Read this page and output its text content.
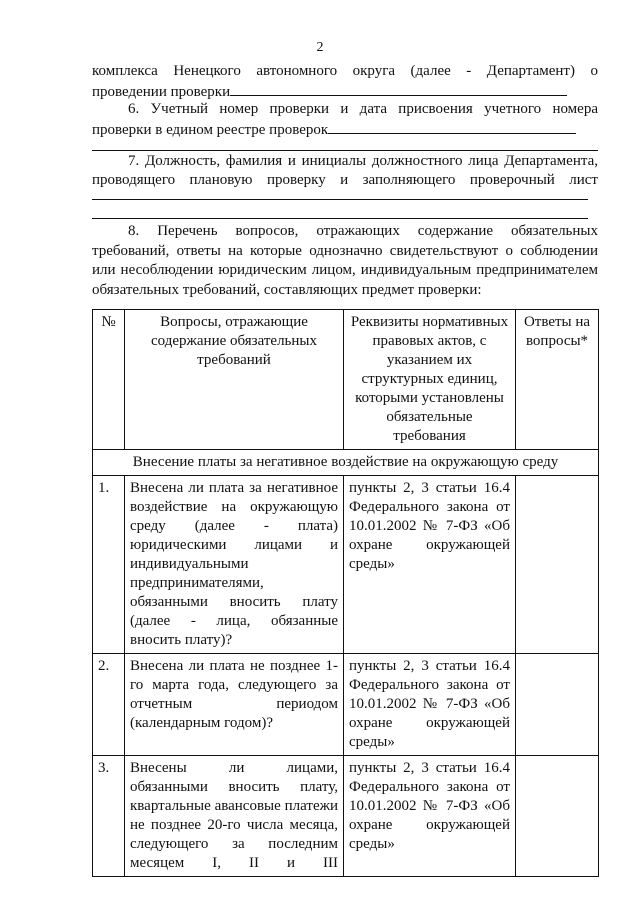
2
комплекса Ненецкого автономного округа (далее - Департамент) о
проведении проверки
6. Учетный номер проверки и дата присвоения учетного номера
проверки в едином реестре проверок
7. Должность, фамилия и инициалы должностного лица Департамента,
проводящего плановую проверку и заполняющего проверочный лист
8. Перечень вопросов, отражающих содержание обязательных требований, ответы на которые однозначно свидетельствуют о соблюдении или несоблюдении юридическим лицом, индивидуальным предпринимателем обязательных требований, составляющих предмет проверки:
№	Вопросы, отражающие содержание обязательных требований	Реквизиты нормативных правовых актов, с указанием их структурных единиц, которыми установлены обязательные требования	Ответы на вопросы*
Внесение платы за негативное воздействие на окружающую среду			
1.	Внесена ли плата за негативное воздействие на окружающую среду (далее - плата) юридическими лицами и индивидуальными предпринимателями, обязанными вносить плату (далее - лица, обязанные вносить плату)?	пункты 2, 3 статьи 16.4 Федерального закона от 10.01.2002 № 7-ФЗ «Об охране окружающей среды»	
2.	Внесена ли плата не позднее 1-го марта года, следующего за отчетным периодом (календарным годом)?	пункты 2, 3 статьи 16.4 Федерального закона от 10.01.2002 № 7-ФЗ «Об охране окружающей среды»	
3.	Внесены ли лицами, обязанными вносить плату, квартальные авансовые платежи не позднее 20-го числа месяца, следующего за последним месяцем I, II и III	пункты 2, 3 статьи 16.4 Федерального закона от 10.01.2002 № 7-ФЗ «Об охране окружающей среды»	
